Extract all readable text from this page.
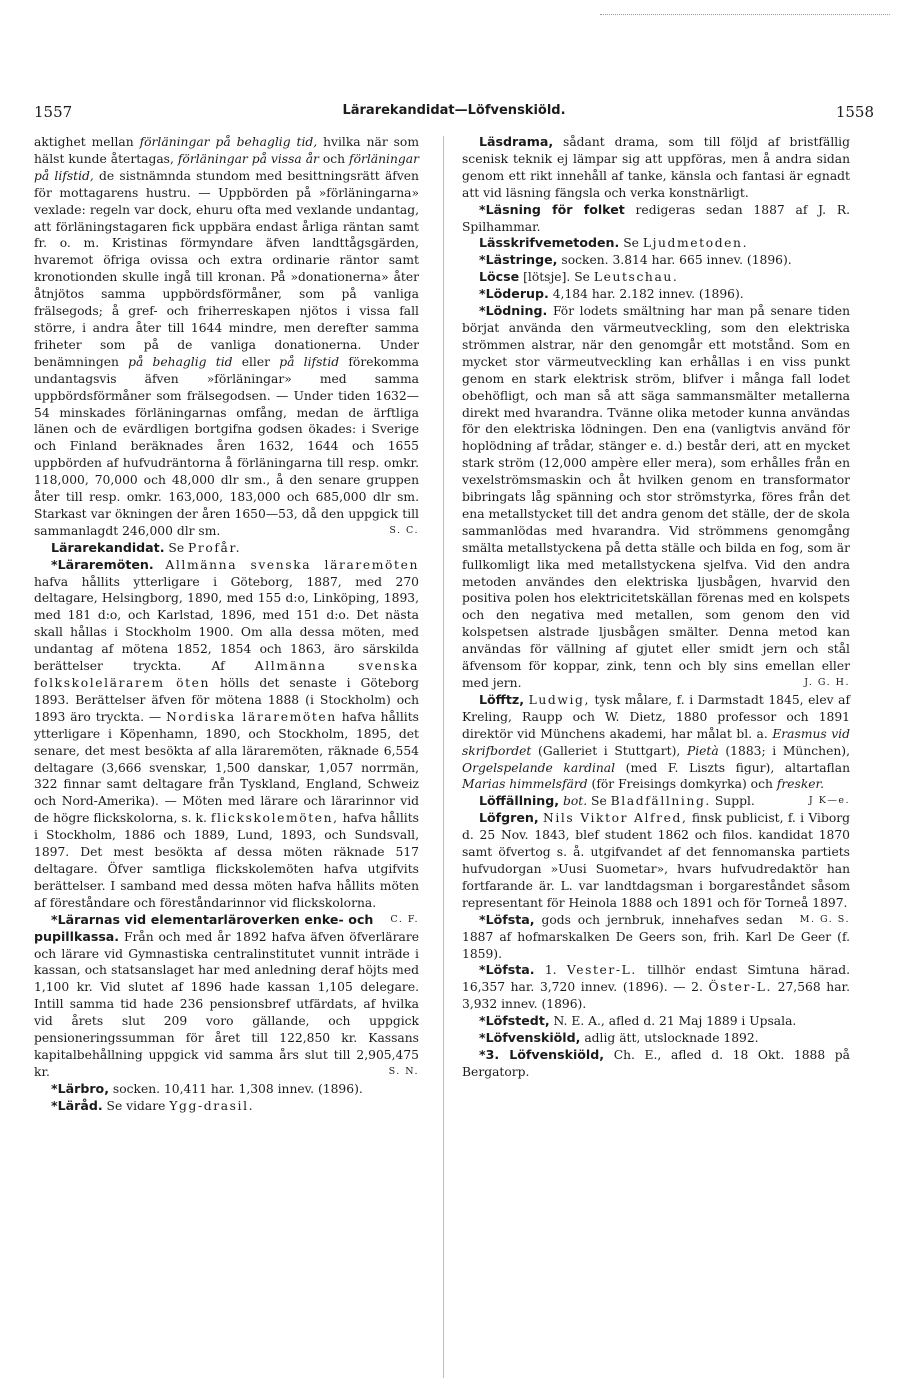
1557	Lärarekandidat—Löfvenskiöld.	1558

aktighet mellan förläningar på behaglig tid, hvilka när som hälst kunde återtagas, förläningar på vissa år och förläningar på lifstid, de sistnämnda stundom med besittningsrätt äfven för mottagarens hustru. — Uppbörden på »förläningarna» vexlade: regeln var dock, ehuru ofta med vexlande undantag, att förläningstagaren fick uppbära endast årliga räntan samt fr. o. m. Kristinas förmyndare äfven landttågsgärden, hvaremot öfriga ovissa och extra ordinarie räntor samt kronotionden skulle ingå till kronan. På »donationerna» åter åtnjötos samma uppbördsförmåner, som på vanliga frälsegods; å gref- och friherreskapen njötos i vissa fall större, i andra åter till 1644 mindre, men derefter samma friheter som på de vanliga donationerna. Under benämningen på behaglig tid eller på lifstid förekomma undantagsvis äfven »förläningar» med samma uppbördsförmåner som frälsegodsen. — Under tiden 1632—54 minskades förläningarnas omfång, medan de ärftliga länen och de evärdligen bortgifna godsen ökades: i Sverige och Finland beräknades åren 1632, 1644 och 1655 uppbörden af hufvudräntorna å förläningarna till resp. omkr. 118,000, 70,000 och 48,000 dlr sm., å den senare gruppen åter till resp. omkr. 163,000, 183,000 och 685,000 dlr sm. Starkast var ökningen der åren 1650—53, då den uppgick till sammanlagdt 246,000 dlr sm.	S. C.

Lärarekandidat. Se Profår.

*Läraremöten. Allmänna svenska läraremöten hafva hållits ytterligare i Göteborg, 1887, med 270 deltagare, Helsingborg, 1890, med 155 d:o, Linköping, 1893, med 181 d:o, och Karlstad, 1896, med 151 d:o. Det nästa skall hållas i Stockholm 1900. Om alla dessa möten, med undantag af mötena 1852, 1854 och 1863, äro särskilda berättelser tryckta. Af Allmänna svenska folkskolelärarem öten hölls det senaste i Göteborg 1893. Berättelser äfven för mötena 1888 (i Stockholm) och 1893 äro tryckta. — Nordiska läraremöten hafva hållits ytterligare i Köpenhamn, 1890, och Stockholm, 1895, det senare, det mest besökta af alla läraremöten, räknade 6,554 deltagare (3,666 svenskar, 1,500 danskar, 1,057 norrmän, 322 finnar samt deltagare från Tyskland, England, Schweiz och Nord-Amerika). — Möten med lärare och lärarinnor vid de högre flickskolorna, s. k. flickskolemöten, hafva hållits i Stockholm, 1886 och 1889, Lund, 1893, och Sundsvall, 1897. Det mest besökta af dessa möten räknade 517 deltagare. Öfver samtliga flickskolemöten hafva utgifvits berättelser. I samband med dessa möten hafva hållits möten af föreståndare och föreståndarinnor vid flickskolorna.
C. F.

*Lärarnas vid elementarläroverken enke- och pupillkassa. Från och med år 1892 hafva äfven öfverlärare och lärare vid Gymnastiska centralinstitutet vunnit inträde i kassan, och statsanslaget har med anledning deraf höjts med 1,100 kr. Vid slutet af 1896 hade kassan 1,105 delegare. Intill samma tid hade 236 pensionsbref utfärdats, af hvilka vid årets slut 209 voro gällande, och uppgick pensioneringssumman för året till 122,850 kr. Kassans kapitalbehållning uppgick vid samma års slut till 2,905,475 kr.	S. N.

*Lärbro, socken. 10,411 har. 1,308 innev. (1896).

*Läråd. Se vidare Ygg-drasil.

Läsdrama, sådant drama, som till följd af bristfällig scenisk teknik ej lämpar sig att uppföras, men å andra sidan genom ett rikt innehåll af tanke, känsla och fantasi är egnadt att vid läsning fängsla och verka konstnärligt.

*Läsning för folket redigeras sedan 1887 af J. R. Spilhammar.

Lässkrifvemetoden. Se Ljudmetoden.

*Lästringe, socken. 3.814 har. 665 innev. (1896).

Löcse [lötsje]. Se Leutschau.

*Löderup. 4,184 har. 2.182 innev. (1896).

*Lödning. För lodets smältning har man på senare tiden börjat använda den värmeutveckling, som den elektriska strömmen alstrar, när den genomgår ett motstånd. Som en mycket stor värmeutveckling kan erhållas i en viss punkt genom en stark elektrisk ström, blifver i många fall lodet obehöfligt, och man så att säga sammansmälter metallerna direkt med hvarandra. Tvänne olika metoder kunna användas för den elektriska lödningen. Den ena (vanligtvis använd för hoplödning af trådar, stänger e. d.) består deri, att en mycket stark ström (12,000 ampère eller mera), som erhålles från en vexelströmsmaskin och åt hvilken genom en transformator bibringats låg spänning och stor strömstyrka, föres från det ena metallstycket till det andra genom det ställe, der de skola sammanlödas med hvarandra. Vid strömmens genomgång smälta metallstyckena på detta ställe och bilda en fog, som är fullkomligt lika med metallstyckena sjelfva. Vid den andra metoden användes den elektriska ljusbågen, hvarvid den positiva polen hos elektricitetskällan förenas med en kolspets och den negativa med metallen, som genom den vid kolspetsen alstrade ljusbågen smälter. Denna metod kan användas för vällning af gjutet eller smidt jern och stål äfvensom för koppar, zink, tenn och bly sins emellan eller med jern.	J. G. H.

Löfftz, Ludwig, tysk målare, f. i Darmstadt 1845, elev af Kreling, Raupp och W. Dietz, 1880 professor och 1891 direktör vid Münchens akademi, har målat bl. a. Erasmus vid skrifbordet (Galleriet i Stuttgart), Pietà (1883; i München), Orgelspelande kardinal (med F. Liszts figur), altartaflan Marias himmelsfärd (för Freisings domkyrka) och fresker.
J K—e.

Löffällning, bot. Se Bladfällning. Suppl.

Löfgren, Nils Viktor Alfred, finsk publicist, f. i Viborg d. 25 Nov. 1843, blef student 1862 och filos. kandidat 1870 samt öfvertog s. å. utgifvandet af det fennomanska partiets hufvudorgan »Uusi Suometar», hvars hufvudredaktör han fortfarande är. L. var landtdagsman i borgareståndet såsom representant för Heinola 1888 och 1891 och för Torneå 1897.
M. G. S.

*Löfsta, gods och jernbruk, innehafves sedan 1887 af hofmarskalken De Geers son, frih. Karl De Geer (f. 1859).

*Löfsta. 1. Vester-L. tillhör endast Simtuna härad. 16,357 har. 3,720 innev. (1896). — 2. Öster-L. 27,568 har. 3,932 innev. (1896).

*Löfstedt, N. E. A., afled d. 21 Maj 1889 i Upsala.

*Löfvenskiöld, adlig ätt, utslocknade 1892.

*3. Löfvenskiöld, Ch. E., afled d. 18 Okt. 1888 på Bergatorp.
